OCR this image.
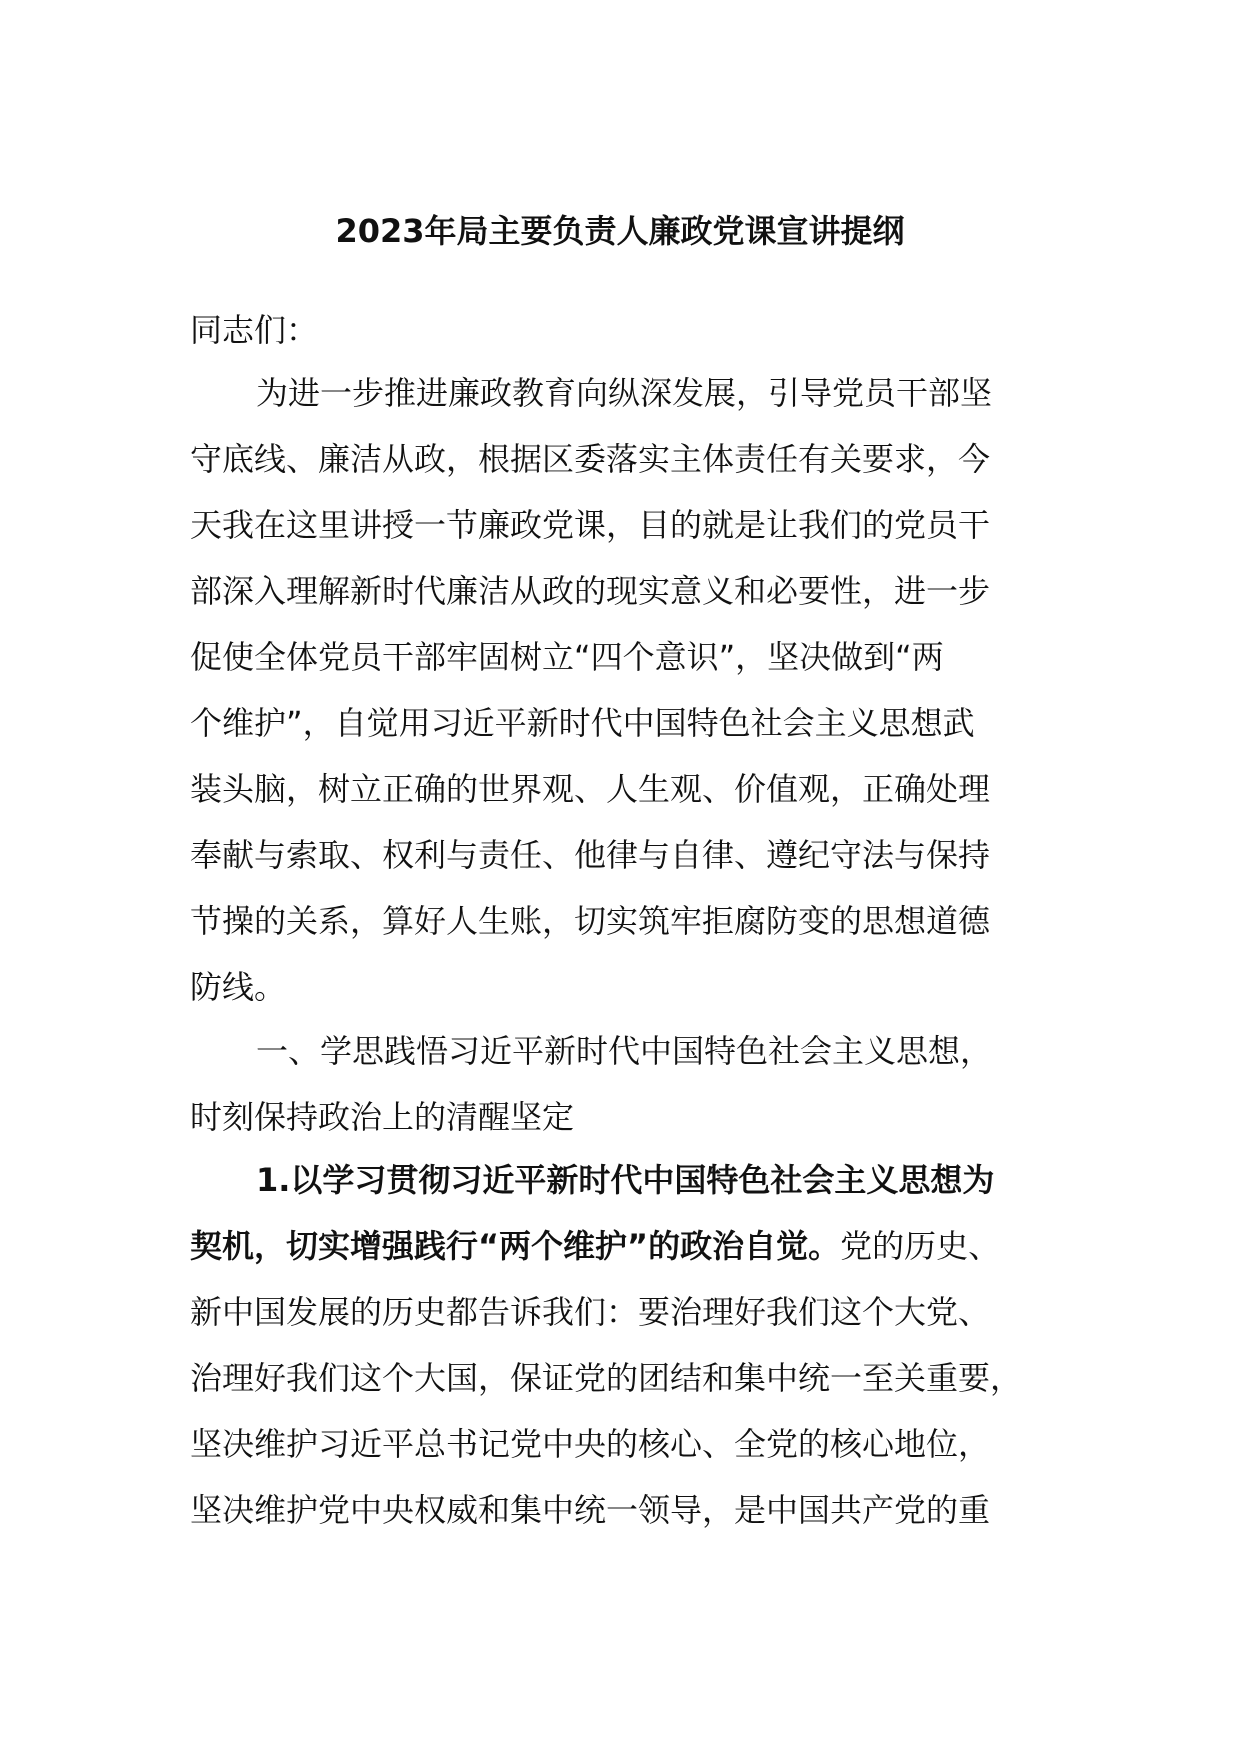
2023年局主要负责人廉政党课宣讲提纲
同志们：
为进一步推进廉政教育向纵深发展，引导党员干部坚
守底线、廉洁从政，根据区委落实主体责任有关要求，今
天我在这里讲授一节廉政党课，目的就是让我们的党员干
部深入理解新时代廉洁从政的现实意义和必要性，进一步
促使全体党员干部牢固树立“四个意识”，坚决做到“两
个维护”，自觉用习近平新时代中国特色社会主义思想武
装头脑，树立正确的世界观、人生观、价值观，正确处理
奉献与索取、权利与责任、他律与自律、遵纪守法与保持
节操的关系，算好人生账，切实筑牢拒腐防变的思想道德
防线。
一、学思践悟习近平新时代中国特色社会主义思想，
时刻保持政治上的清醒坚定
1.以学习贯彻习近平新时代中国特色社会主义思想为
契机，切实增强践行“两个维护”的政治自觉。党的历史、
新中国发展的历史都告诉我们：要治理好我们这个大党、
治理好我们这个大国，保证党的团结和集中统一至关重要，
坚决维护习近平总书记党中央的核心、全党的核心地位，
坚决维护党中央权威和集中统一领导，是中国共产党的重
